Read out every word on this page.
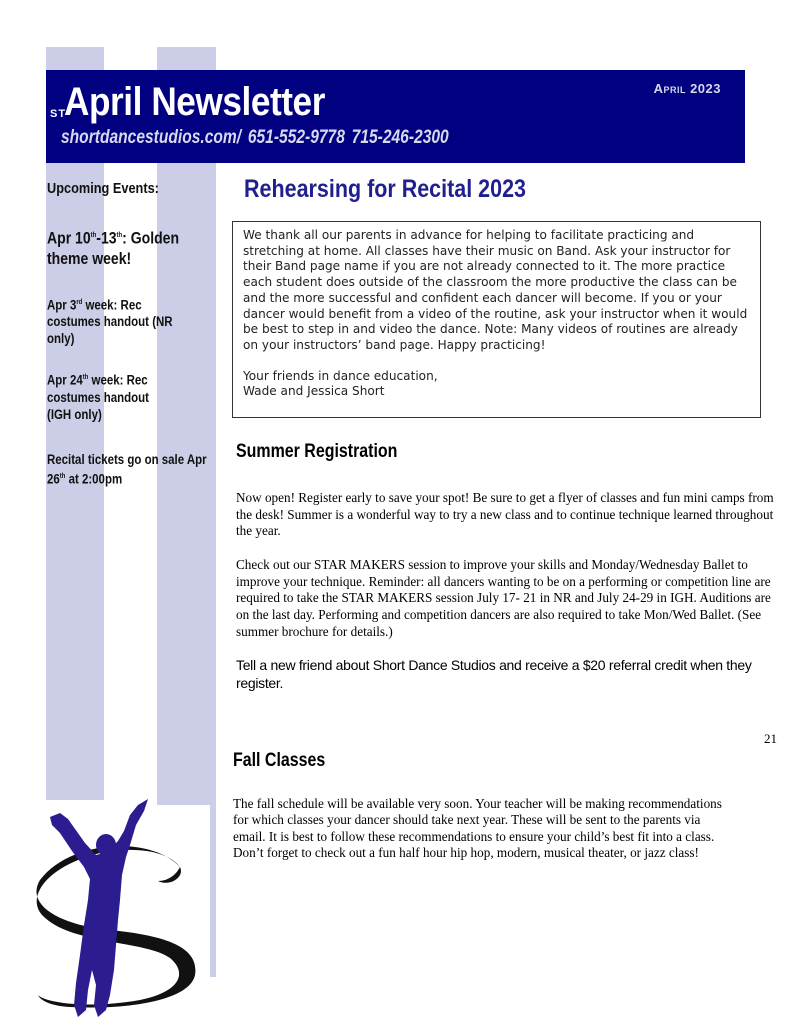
ST
April Newsletter
shortdancestudios.com/ 651-552-9778 715-246-2300
April 2023
Upcoming Events:
Apr 10th-13th: Golden theme week!
Apr 3rd week: Rec costumes handout (NR only)
Apr 24th week: Rec costumes handout (IGH only)
Recital tickets go on sale Apr 26th at 2:00pm
Rehearsing for Recital 2023

We thank all our parents in advance for helping to facilitate practicing and stretching at home. All classes have their music on Band. Ask your instructor for their Band page name if you are not already connected to it. The more practice each student does outside of the classroom the more productive the class can be and the more successful and confident each dancer will become. If you or your dancer would benefit from a video of the routine, ask your instructor when it would be best to step in and video the dance. Note: Many videos of routines are already on your instructors’ band page. Happy practicing!

Your friends in dance education,

Wade and Jessica Short

Summer Registration

Now open! Register early to save your spot! Be sure to get a flyer of classes and fun mini camps from the desk! Summer is a wonderful way to try a new class and to continue technique learned throughout the year.

Check out our STAR MAKERS session to improve your skills and Monday/Wednesday Ballet to improve your technique. Reminder: all dancers wanting to be on a performing or competition line are required to take the STAR MAKERS session July 17- 21 in NR and July 24-29 in IGH. Auditions are on the last day. Performing and competition dancers are also required to take Mon/Wed Ballet. (See summer brochure for details.)

Tell a new friend about Short Dance Studios and receive a $20 referral credit when they register.
21
Fall Classes

The fall schedule will be available very soon. Your teacher will be making recommendations for which classes your dancer should take next year. These will be sent to the parents via email. It is best to follow these recommendations to ensure your child’s best fit into a class. Don’t forget to check out a fun half hour hip hop, modern, musical theater, or jazz class!
